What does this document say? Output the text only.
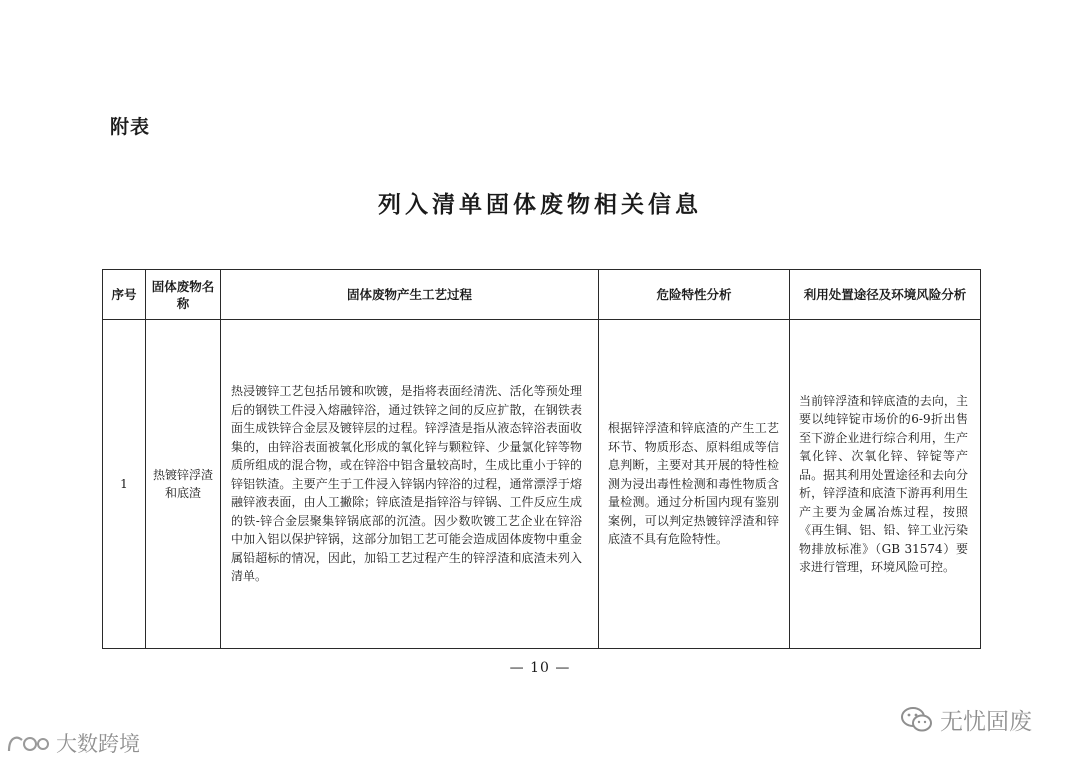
附表
列入清单固体废物相关信息
序号	固体废物名称	固体废物产生工艺过程	危险特性分析	利用处置途径及环境风险分析
1	热镀锌浮渣和底渣	热浸镀锌工艺包括吊镀和吹镀，是指将表面经清洗、活化等预处理后的钢铁工件浸入熔融锌浴，通过铁锌之间的反应扩散，在钢铁表面生成铁锌合金层及镀锌层的过程。锌浮渣是指从液态锌浴表面收集的，由锌浴表面被氧化形成的氧化锌与颗粒锌、少量氯化锌等物质所组成的混合物，或在锌浴中铝含量较高时，生成比重小于锌的锌铝铁渣。主要产生于工件浸入锌锅内锌浴的过程，通常漂浮于熔融锌液表面，由人工撇除；锌底渣是指锌浴与锌锅、工件反应生成的铁-锌合金层聚集锌锅底部的沉渣。因少数吹镀工艺企业在锌浴中加入铝以保护锌锅，这部分加铝工艺可能会造成固体废物中重金属铅超标的情况，因此，加铅工艺过程产生的锌浮渣和底渣未列入清单。	根据锌浮渣和锌底渣的产生工艺环节、物质形态、原料组成等信息判断，主要对其开展的特性检测为浸出毒性检测和毒性物质含量检测。通过分析国内现有鉴别案例，可以判定热镀锌浮渣和锌底渣不具有危险特性。	当前锌浮渣和锌底渣的去向，主要以纯锌锭市场价的6-9折出售至下游企业进行综合利用，生产氧化锌、次氧化锌、锌锭等产品。据其利用处置途径和去向分析，锌浮渣和底渣下游再利用生产主要为金属冶炼过程，按照《再生铜、铝、铅、锌工业污染物排放标准》（GB 31574）要求进行管理，环境风险可控。
— 10 —
大数跨境
无忧固废
